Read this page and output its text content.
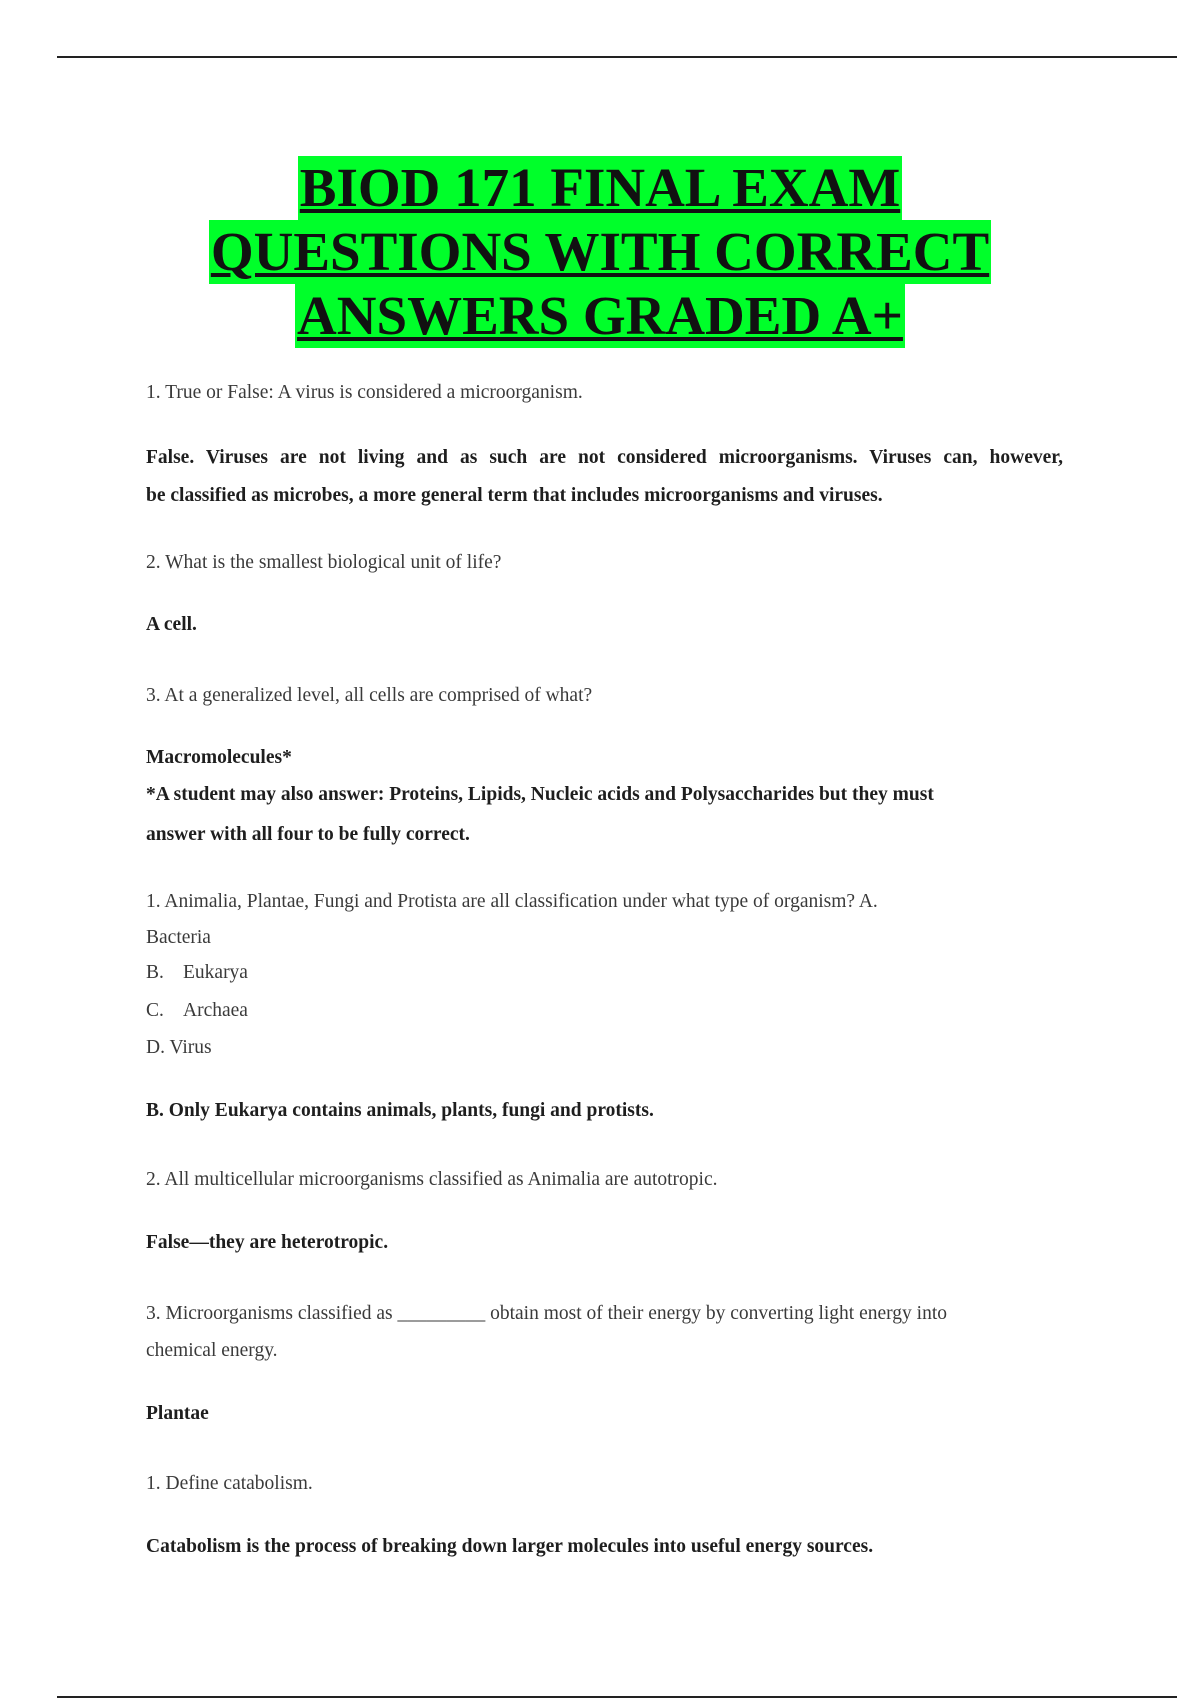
BIOD 171 FINAL EXAM
QUESTIONS WITH CORRECT
ANSWERS GRADED A+
1. True or False: A virus is considered a microorganism.
False. Viruses are not living and as such are not considered microorganisms. Viruses can, however,
be classified as microbes, a more general term that includes microorganisms and viruses.
2. What is the smallest biological unit of life?
A cell.
3. At a generalized level, all cells are comprised of what?
Macromolecules*
*A student may also answer: Proteins, Lipids, Nucleic acids and Polysaccharides but they must
answer with all four to be fully correct.
1. Animalia, Plantae, Fungi and Protista are all classification under what type of organism? A.
Bacteria
B. Eukarya
C. Archaea
D. Virus
B. Only Eukarya contains animals, plants, fungi and protists.
2. All multicellular microorganisms classified as Animalia are autotropic.
False—they are heterotropic.
3. Microorganisms classified as _________ obtain most of their energy by converting light energy into
chemical energy.
Plantae
1. Define catabolism.
Catabolism is the process of breaking down larger molecules into useful energy sources.
